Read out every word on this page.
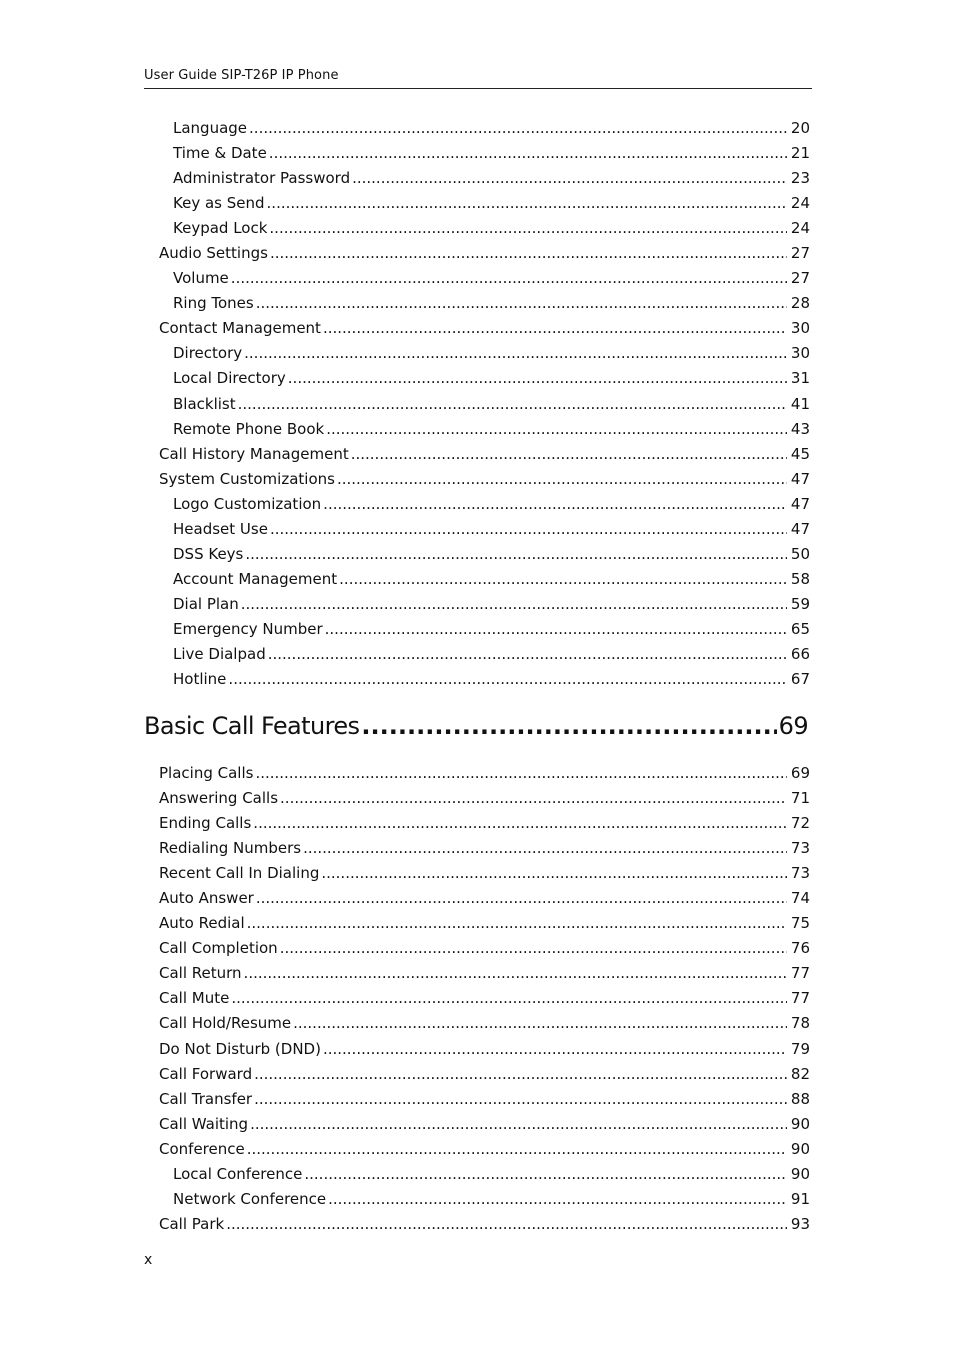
User Guide SIP-T26P IP Phone
Language .....	20
Time & Date .....	21
Administrator Password .....	23
Key as Send .....	24
Keypad Lock .....	24
Audio Settings .....	27
Volume .....	27
Ring Tones .....	28
Contact Management .....	30
Directory .....	30
Local Directory .....	31
Blacklist .....	41
Remote Phone Book .....	43
Call History Management .....	45
System Customizations .....	47
Logo Customization .....	47
Headset Use .....	47
DSS Keys .....	50
Account Management .....	58
Dial Plan .....	59
Emergency Number .....	65
Live Dialpad .....	66
Hotline .....	67
Basic Call Features .....	69
Placing Calls .....	69
Answering Calls .....	71
Ending Calls .....	72
Redialing Numbers .....	73
Recent Call In Dialing .....	73
Auto Answer .....	74
Auto Redial .....	75
Call Completion .....	76
Call Return .....	77
Call Mute .....	77
Call Hold/Resume .....	78
Do Not Disturb (DND) .....	79
Call Forward .....	82
Call Transfer .....	88
Call Waiting .....	90
Conference .....	90
Local Conference .....	90
Network Conference .....	91
Call Park .....	93
x
